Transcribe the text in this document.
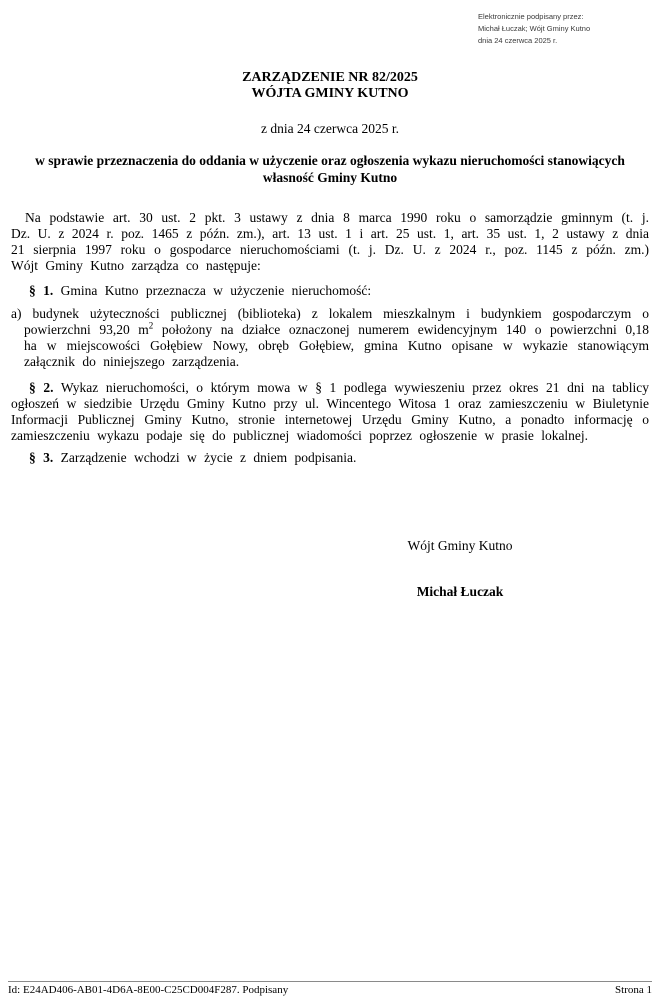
Elektronicznie podpisany przez:
Michał Łuczak; Wójt Gminy Kutno
dnia 24 czerwca 2025 r.
ZARZĄDZENIE NR 82/2025
WÓJTA GMINY KUTNO
z dnia 24 czerwca 2025 r.
w sprawie przeznaczenia do oddania w użyczenie oraz ogłoszenia wykazu nieruchomości stanowiących własność Gminy Kutno

Na podstawie art. 30 ust. 2 pkt. 3 ustawy z dnia 8 marca 1990 roku o samorządzie gminnym (t. j. Dz. U. z 2024 r. poz. 1465 z późn. zm.), art. 13 ust. 1 i art. 25 ust. 1, art. 35 ust. 1, 2 ustawy z dnia 21 sierpnia 1997 roku o gospodarce nieruchomościami (t. j. Dz. U. z 2024 r., poz. 1145 z późn. zm.) Wójt Gminy Kutno zarządza co następuje:

§ 1. Gmina Kutno przeznacza w użyczenie nieruchomość:

a) budynek użyteczności publicznej (biblioteka) z lokalem mieszkalnym i budynkiem gospodarczym o powierzchni 93,20 $m^2$ położony na działce oznaczonej numerem ewidencyjnym 140 o powierzchni 0,18 ha w miejscowości Gołębiew Nowy, obręb Gołębiew, gmina Kutno opisane w wykazie stanowiącym załącznik do niniejszego zarządzenia.

§ 2. Wykaz nieruchomości, o którym mowa w § 1 podlega wywieszeniu przez okres 21 dni na tablicy ogłoszeń w siedzibie Urzędu Gminy Kutno przy ul. Wincentego Witosa 1 oraz zamieszczeniu w Biuletynie Informacji Publicznej Gminy Kutno, stronie internetowej Urzędu Gminy Kutno, a ponadto informację o zamieszczeniu wykazu podaje się do publicznej wiadomości poprzez ogłoszenie w prasie lokalnej.

§ 3. Zarządzenie wchodzi w życie z dniem podpisania.

Wójt Gminy Kutno
Michał Łuczak
Id: E24AD406-AB01-4D6A-8E00-C25CD004F287. Podpisany	Strona 1
